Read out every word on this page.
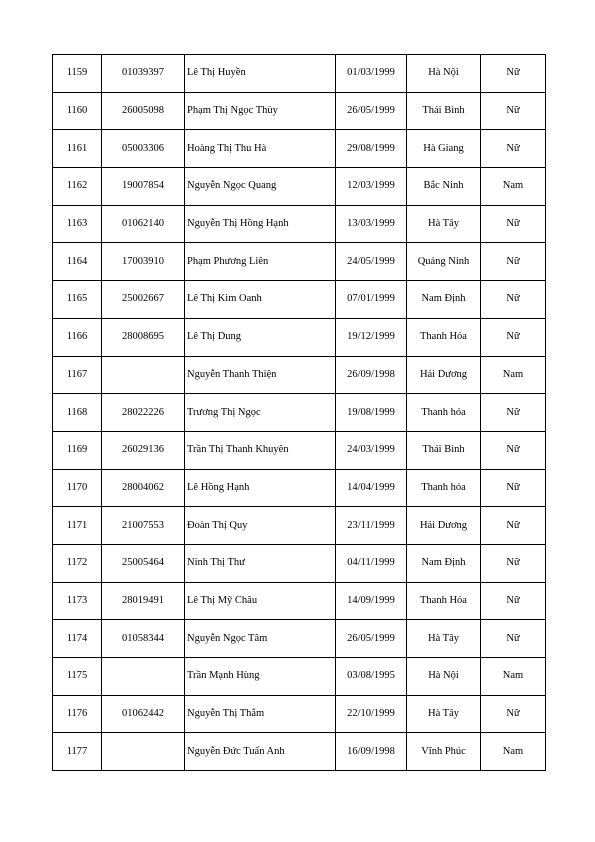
1159	01039397	Lê Thị Huyền	01/03/1999	Hà Nội	Nữ
1160	26005098	Phạm Thị Ngọc Thủy	26/05/1999	Thái Bình	Nữ
1161	05003306	Hoàng Thị Thu Hà	29/08/1999	Hà Giang	Nữ
1162	19007854	Nguyễn Ngọc Quang	12/03/1999	Bắc Ninh	Nam
1163	01062140	Nguyễn Thị Hồng Hạnh	13/03/1999	Hà Tây	Nữ
1164	17003910	Phạm Phương Liên	24/05/1999	Quảng Ninh	Nữ
1165	25002667	Lê Thị Kim Oanh	07/01/1999	Nam Định	Nữ
1166	28008695	Lê Thị Dung	19/12/1999	Thanh Hóa	Nữ
1167		Nguyễn Thanh Thiện	26/09/1998	Hải Dương	Nam
1168	28022226	Trương Thị Ngọc	19/08/1999	Thanh hóa	Nữ
1169	26029136	Trần Thị Thanh Khuyên	24/03/1999	Thái Bình	Nữ
1170	28004062	Lê Hồng Hạnh	14/04/1999	Thanh hóa	Nữ
1171	21007553	Đoàn Thị Quy	23/11/1999	Hải Dương	Nữ
1172	25005464	Ninh Thị Thư	04/11/1999	Nam Định	Nữ
1173	28019491	Lê Thị Mỹ Châu	14/09/1999	Thanh Hóa	Nữ
1174	01058344	Nguyễn Ngọc Tâm	26/05/1999	Hà Tây	Nữ
1175		Trần Mạnh Hùng	03/08/1995	Hà Nội	Nam
1176	01062442	Nguyễn Thị Thắm	22/10/1999	Hà Tây	Nữ
1177		Nguyễn Đức Tuấn Anh	16/09/1998	Vĩnh Phúc	Nam
